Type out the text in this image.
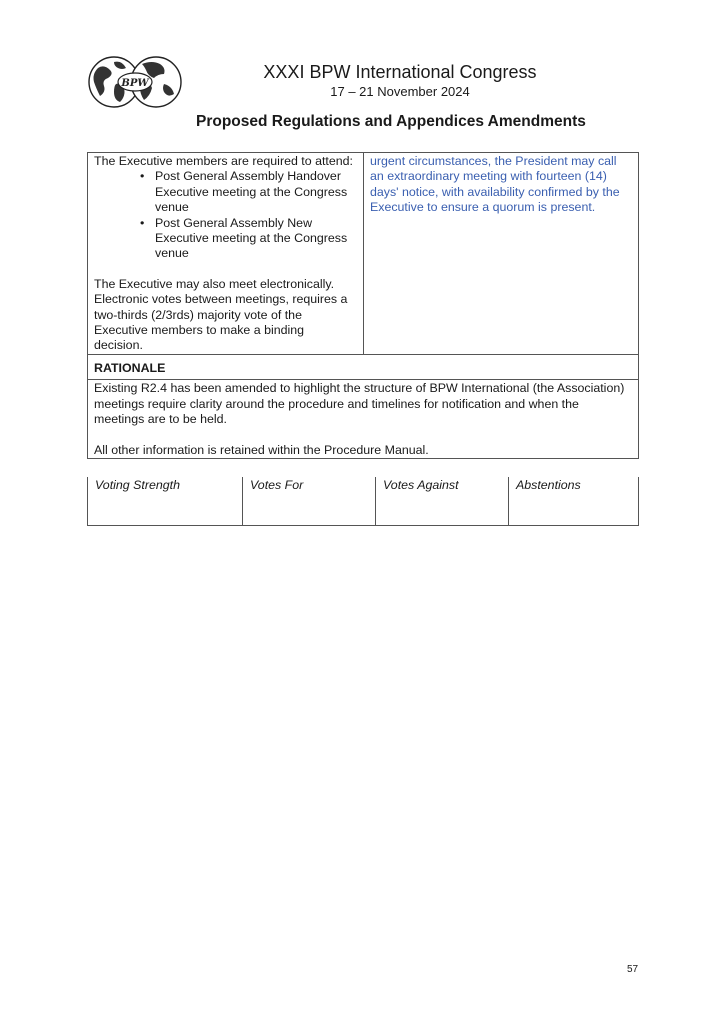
BPW
XXXI BPW International Congress
17 – 21 November 2024
Proposed Regulations and Appendices Amendments
The Executive members are required to attend:
• Post General Assembly Handover Executive meeting at the Congress venue
• Post General Assembly New Executive meeting at the Congress venue
The Executive may also meet electronically. Electronic votes between meetings, requires a two-thirds (2/3rds) majority vote of the Executive members to make a binding decision.

urgent circumstances, the President may call an extraordinary meeting with fourteen (14) days' notice, with availability confirmed by the Executive to ensure a quorum is present.

RATIONALE

Existing R2.4 has been amended to highlight the structure of BPW International (the Association) meetings require clarity around the procedure and timelines for notification and when the meetings are to be held.
All other information is retained within the Procedure Manual.
Voting Strength	Votes For	Votes Against	Abstentions
57
